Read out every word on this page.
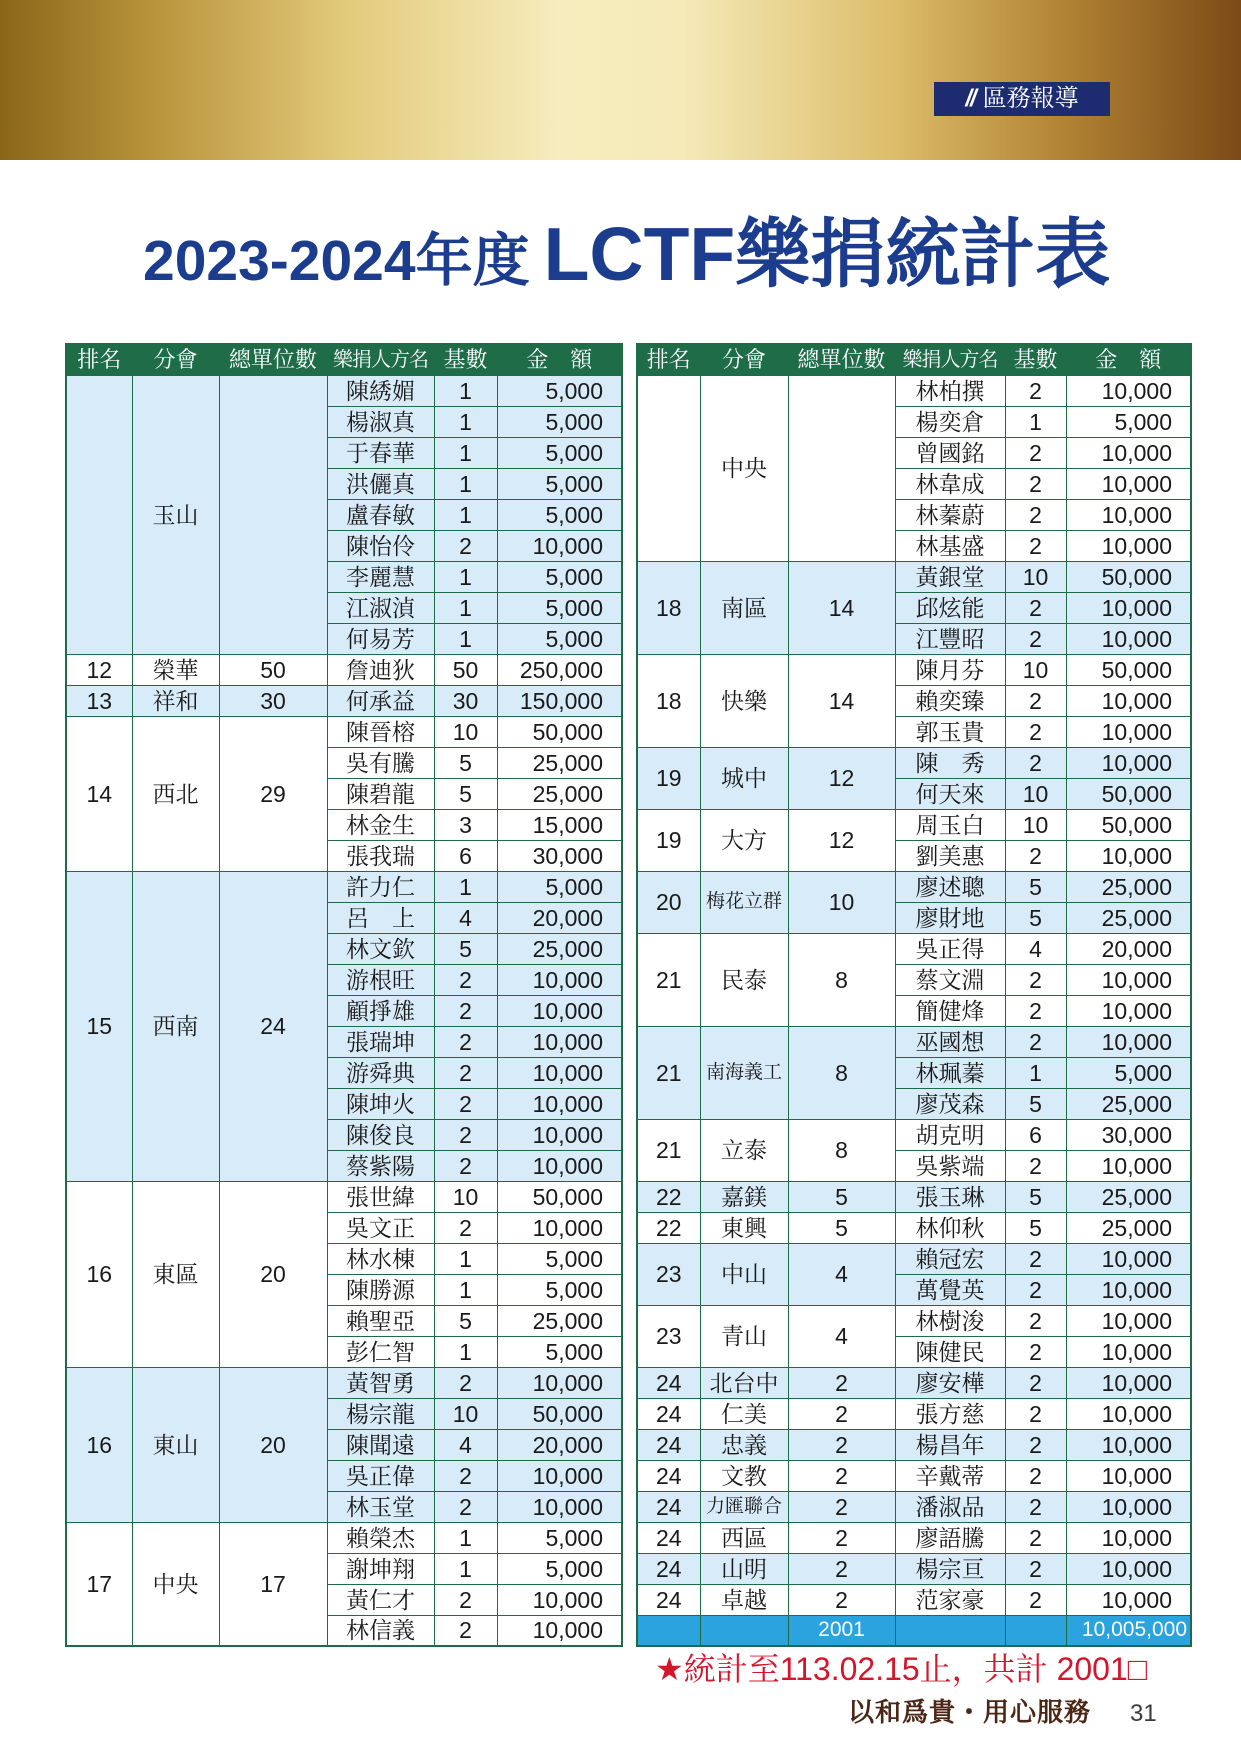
// 區務報導
2023-2024年度 LCTF樂捐統計表
排名	分會	總單位數	樂捐人方名	基數	金　額
	玉山		陳綉媚	1	5,000
			楊淑真	1	5,000
			于春華	1	5,000
			洪儷真	1	5,000
			盧春敏	1	5,000
			陳怡伶	2	10,000
			李麗慧	1	5,000
			江淑湞	1	5,000
			何易芳	1	5,000
12	榮華	50	詹迪狄	50	250,000
13	祥和	30	何承益	30	150,000
14	西北	29	陳晉榕	10	50,000
			吳有騰	5	25,000
			陳碧龍	5	25,000
			林金生	3	15,000
			張我瑞	6	30,000
15	西南	24	許力仁	1	5,000
			呂　上	4	20,000
			林文欽	5	25,000
			游根旺	2	10,000
			顧掙雄	2	10,000
			張瑞坤	2	10,000
			游舜典	2	10,000
			陳坤火	2	10,000
			陳俊良	2	10,000
			蔡紫陽	2	10,000
16	東區	20	張世緯	10	50,000
			吳文正	2	10,000
			林水棟	1	5,000
			陳勝源	1	5,000
			賴聖亞	5	25,000
			彭仁智	1	5,000
16	東山	20	黃智勇	2	10,000
			楊宗龍	10	50,000
			陳聞遠	4	20,000
			吳正偉	2	10,000
			林玉堂	2	10,000
17	中央	17	賴榮杰	1	5,000
			謝坤翔	1	5,000
			黃仁才	2	10,000
			林信義	2	10,000
排名	分會	總單位數	樂捐人方名	基數	金　額
	中央		林柏撰	2	10,000
			楊奕倉	1	5,000
			曾國銘	2	10,000
			林韋成	2	10,000
			林蓁蔚	2	10,000
			林基盛	2	10,000
18	南區	14	黃銀堂	10	50,000
			邱炫能	2	10,000
			江豐昭	2	10,000
18	快樂	14	陳月芬	10	50,000
			賴奕臻	2	10,000
			郭玉貴	2	10,000
19	城中	12	陳　秀	2	10,000
			何天來	10	50,000
19	大方	12	周玉白	10	50,000
			劉美惠	2	10,000
20	梅花立群	10	廖述聰	5	25,000
			廖財地	5	25,000
21	民泰	8	吳正得	4	20,000
			蔡文淵	2	10,000
			簡健烽	2	10,000
21	南海義工	8	巫國想	2	10,000
			林珮蓁	1	5,000
			廖茂森	5	25,000
21	立泰	8	胡克明	6	30,000
			吳紫端	2	10,000
22	嘉鎂	5	張玉琳	5	25,000
22	東興	5	林仰秋	5	25,000
23	中山	4	賴冠宏	2	10,000
			萬覺英	2	10,000
23	青山	4	林樹浚	2	10,000
			陳健民	2	10,000
24	北台中	2	廖安樺	2	10,000
24	仁美	2	張方慈	2	10,000
24	忠義	2	楊昌年	2	10,000
24	文教	2	辛戴蒂	2	10,000
24	力匯聯合	2	潘淑品	2	10,000
24	西區	2	廖語騰	2	10,000
24	山明	2	楊宗亘	2	10,000
24	卓越	2	范家豪	2	10,000
		2001			10,005,000
★統計至113.02.15止，共計 2001□
以和爲貴・用心服務 31
